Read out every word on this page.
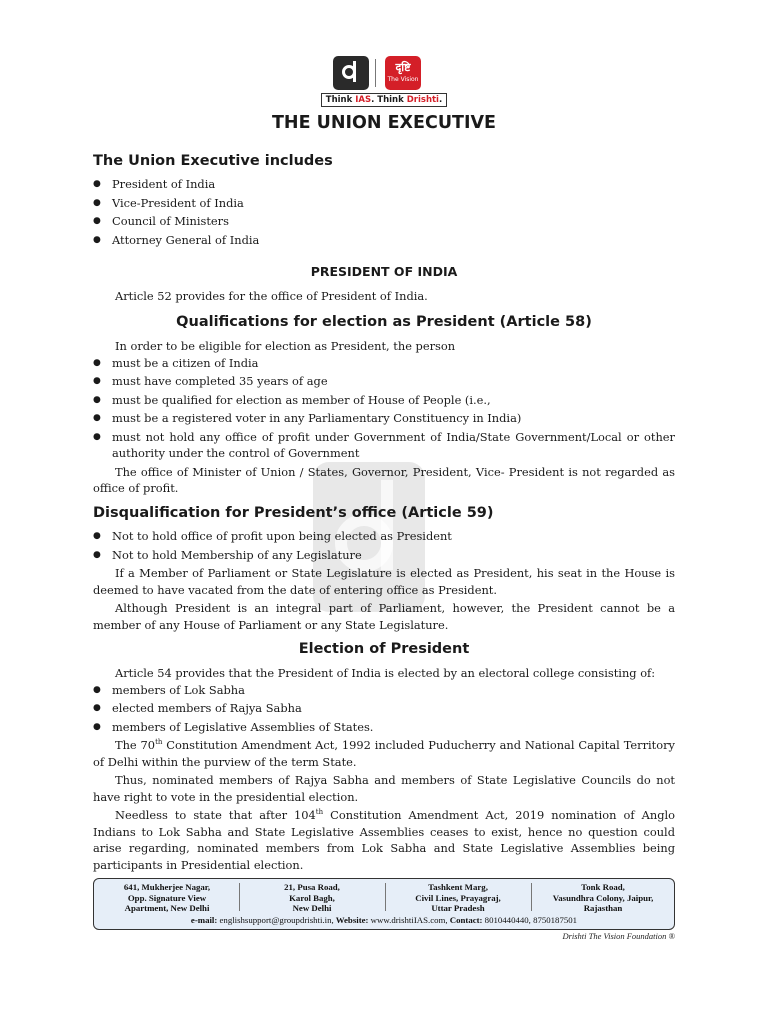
दृष्टि
The Vision
Think IAS. Think Drishti.
THE UNION EXECUTIVE
The Union Executive includes
● President of India
● Vice-President of India
● Council of Ministers
● Attorney General of India
PRESIDENT OF INDIA

Article 52 provides for the office of President of India.

Qualifications for election as President (Article 58)

In order to be eligible for election as President, the person

● must be a citizen of India
● must have completed 35 years of age
● must be qualified for election as member of House of People (i.e.,
● must be a registered voter in any Parliamentary Constituency in India)
● must not hold any office of profit under Government of India/State Government/Local or other authority under the control of Government

The office of Minister of Union / States, Governor, President, Vice- President is not regarded as office of profit.

Disqualification for President’s office (Article 59)
● Not to hold office of profit upon being elected as President
● Not to hold Membership of any Legislature

If a Member of Parliament or State Legislature is elected as President, his seat in the House is deemed to have vacated from the date of entering office as President.

Although President is an integral part of Parliament, however, the President cannot be a member of any House of Parliament or any State Legislature.

Election of President

Article 54 provides that the President of India is elected by an electoral college consisting of:

● members of Lok Sabha
● elected members of Rajya Sabha
● members of Legislative Assemblies of States.

The 70th Constitution Amendment Act, 1992 included Puducherry and National Capital Territory of Delhi within the purview of the term State.

Thus, nominated members of Rajya Sabha and members of State Legislative Councils do not have right to vote in the presidential election.

Needless to state that after 104th Constitution Amendment Act, 2019 nomination of Anglo Indians to Lok Sabha and State Legislative Assemblies ceases to exist, hence no question could arise regarding, nominated members from Lok Sabha and State Legislative Assemblies being participants in Presidential election.

641, Mukherjee Nagar,
Opp. Signature View
Apartment, New Delhi
21, Pusa Road,
Karol Bagh,
New Delhi
Tashkent Marg,
Civil Lines, Prayagraj,
Uttar Pradesh
Tonk Road,
Vasundhra Colony, Jaipur,
Rajasthan
e-mail: englishsupport@groupdrishti.in, Website: www.drishtiIAS.com, Contact: 8010440440, 8750187501
Drishti The Vision Foundation ®
